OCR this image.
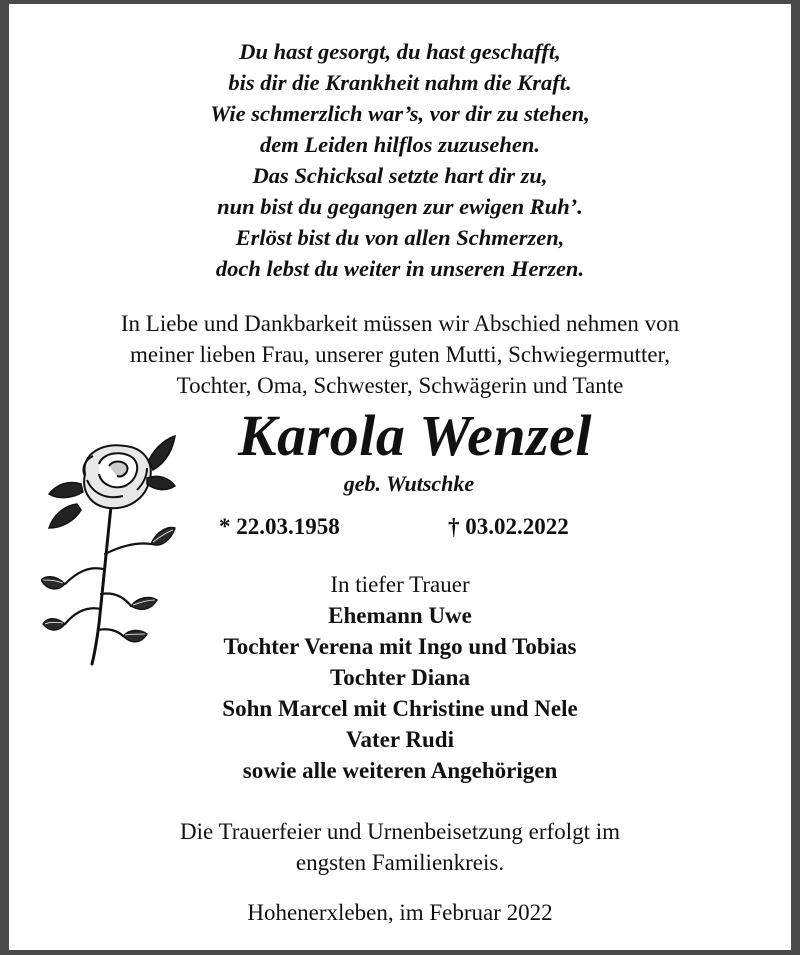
Du hast gesorgt, du hast geschafft,
bis dir die Krankheit nahm die Kraft.
Wie schmerzlich war’s, vor dir zu stehen,
dem Leiden hilflos zuzusehen.
Das Schicksal setzte hart dir zu,
nun bist du gegangen zur ewigen Ruh’.
Erlöst bist du von allen Schmerzen,
doch lebst du weiter in unseren Herzen.
In Liebe und Dankbarkeit müssen wir Abschied nehmen von
meiner lieben Frau, unserer guten Mutti, Schwiegermutter,
Tochter, Oma, Schwester, Schwägerin und Tante
Karola Wenzel
geb. Wutschke
* 22.03.1958	† 03.02.2022
In tiefer Trauer
Ehemann Uwe
Tochter Verena mit Ingo und Tobias
Tochter Diana
Sohn Marcel mit Christine und Nele
Vater Rudi
sowie alle weiteren Angehörigen
Die Trauerfeier und Urnenbeisetzung erfolgt im
engsten Familienkreis.
Hohenerxleben, im Februar 2022
